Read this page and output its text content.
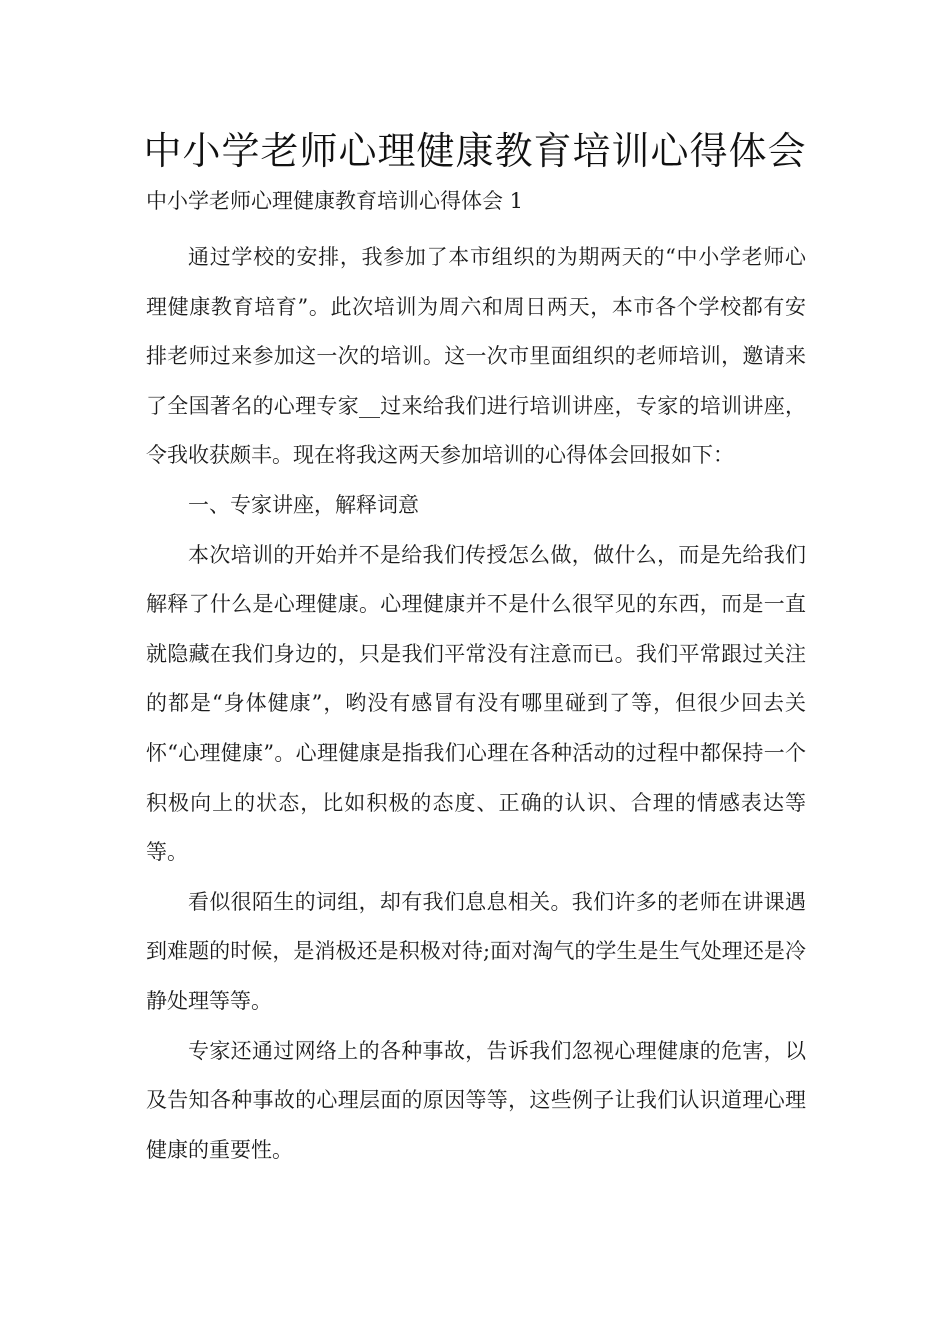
中小学老师心理健康教育培训心得体会

中小学老师心理健康教育培训心得体会 1

通过学校的安排，我参加了本市组织的为期两天的“中小学老师心理健康教育培育”。此次培训为周六和周日两天，本市各个学校都有安排老师过来参加这一次的培训。这一次市里面组织的老师培训，邀请来了全国著名的心理专家__过来给我们进行培训讲座，专家的培训讲座，令我收获颇丰。现在将我这两天参加培训的心得体会回报如下：

一、专家讲座，解释词意

本次培训的开始并不是给我们传授怎么做，做什么，而是先给我们解释了什么是心理健康。心理健康并不是什么很罕见的东西，而是一直就隐藏在我们身边的，只是我们平常没有注意而已。我们平常跟过关注的都是“身体健康”，哟没有感冒有没有哪里碰到了等，但很少回去关怀“心理健康”。心理健康是指我们心理在各种活动的过程中都保持一个积极向上的状态，比如积极的态度、正确的认识、合理的情感表达等等。

看似很陌生的词组，却有我们息息相关。我们许多的老师在讲课遇到难题的时候，是消极还是积极对待;面对淘气的学生是生气处理还是冷静处理等等。

专家还通过网络上的各种事故，告诉我们忽视心理健康的危害，以及告知各种事故的心理层面的原因等等，这些例子让我们认识道理心理健康的重要性。
